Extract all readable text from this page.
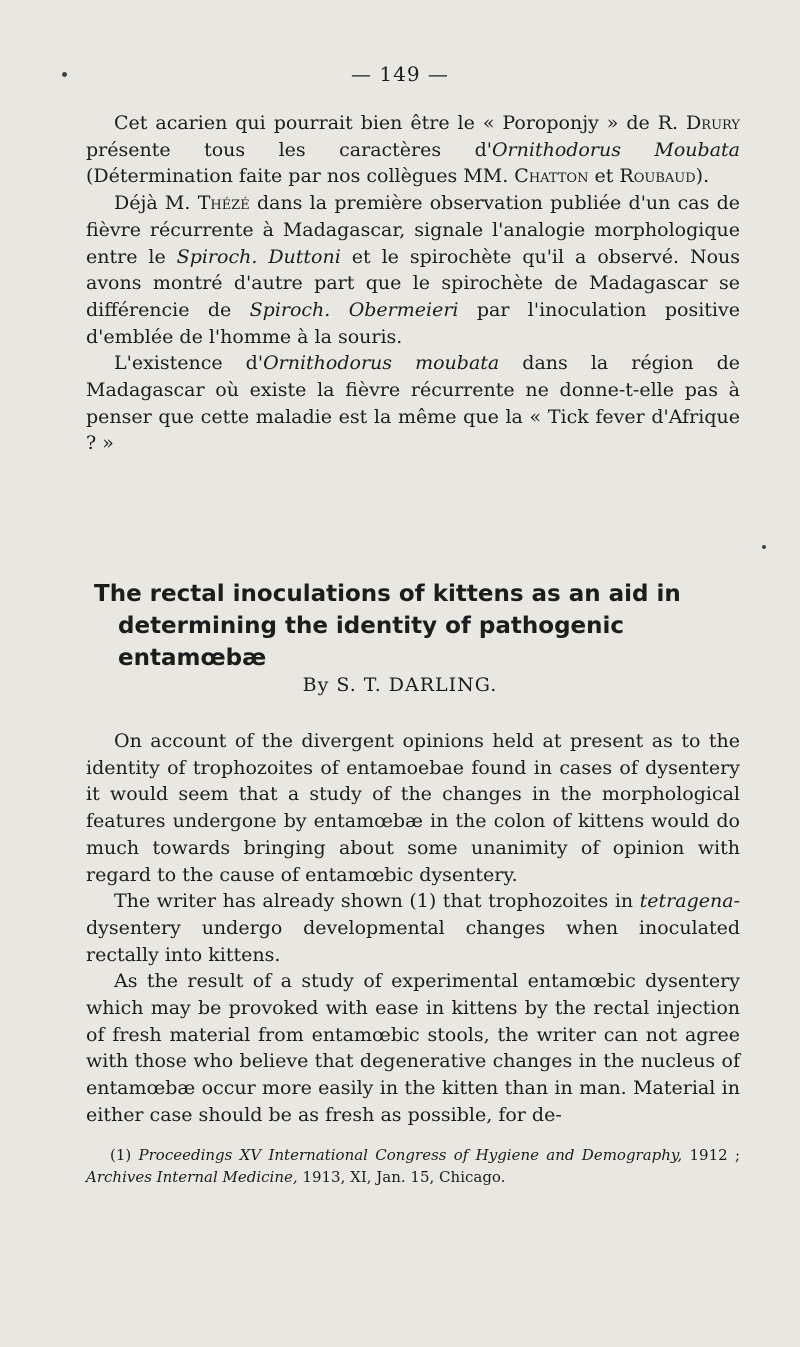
— 149 —

Cet acarien qui pourrait bien être le « Poroponjy » de R. Drury présente tous les caractères d'Ornithodorus Moubata (Détermination faite par nos collègues MM. Chatton et Roubaud).

Déjà M. Thézé dans la première observation publiée d'un cas de fièvre récurrente à Madagascar, signale l'analogie morphologique entre le Spiroch. Duttoni et le spirochète qu'il a observé. Nous avons montré d'autre part que le spirochète de Madagascar se différencie de Spiroch. Obermeieri par l'inoculation positive d'emblée de l'homme à la souris.

L'existence d'Ornithodorus moubata dans la région de Madagascar où existe la fièvre récurrente ne donne-t-elle pas à penser que cette maladie est la même que la « Tick fever d'Afrique ? »

The rectal inoculations of kittens as an aid in
determining the identity of pathogenic entamœbæ
By S. T. DARLING.

On account of the divergent opinions held at present as to the identity of trophozoites of entamoebae found in cases of dysentery it would seem that a study of the changes in the morphological features undergone by entamœbæ in the colon of kittens would do much towards bringing about some unanimity of opinion with regard to the cause of entamœbic dysentery.

The writer has already shown (1) that trophozoites in tetragena-dysentery undergo developmental changes when inoculated rectally into kittens.

As the result of a study of experimental entamœbic dysentery which may be provoked with ease in kittens by the rectal injection of fresh material from entamœbic stools, the writer can not agree with those who believe that degenerative changes in the nucleus of entamœbæ occur more easily in the kitten than in man. Material in either case should be as fresh as possible, for de-

(1) Proceedings XV International Congress of Hygiene and Demography, 1912 ; Archives Internal Medicine, 1913, XI, Jan. 15, Chicago.
